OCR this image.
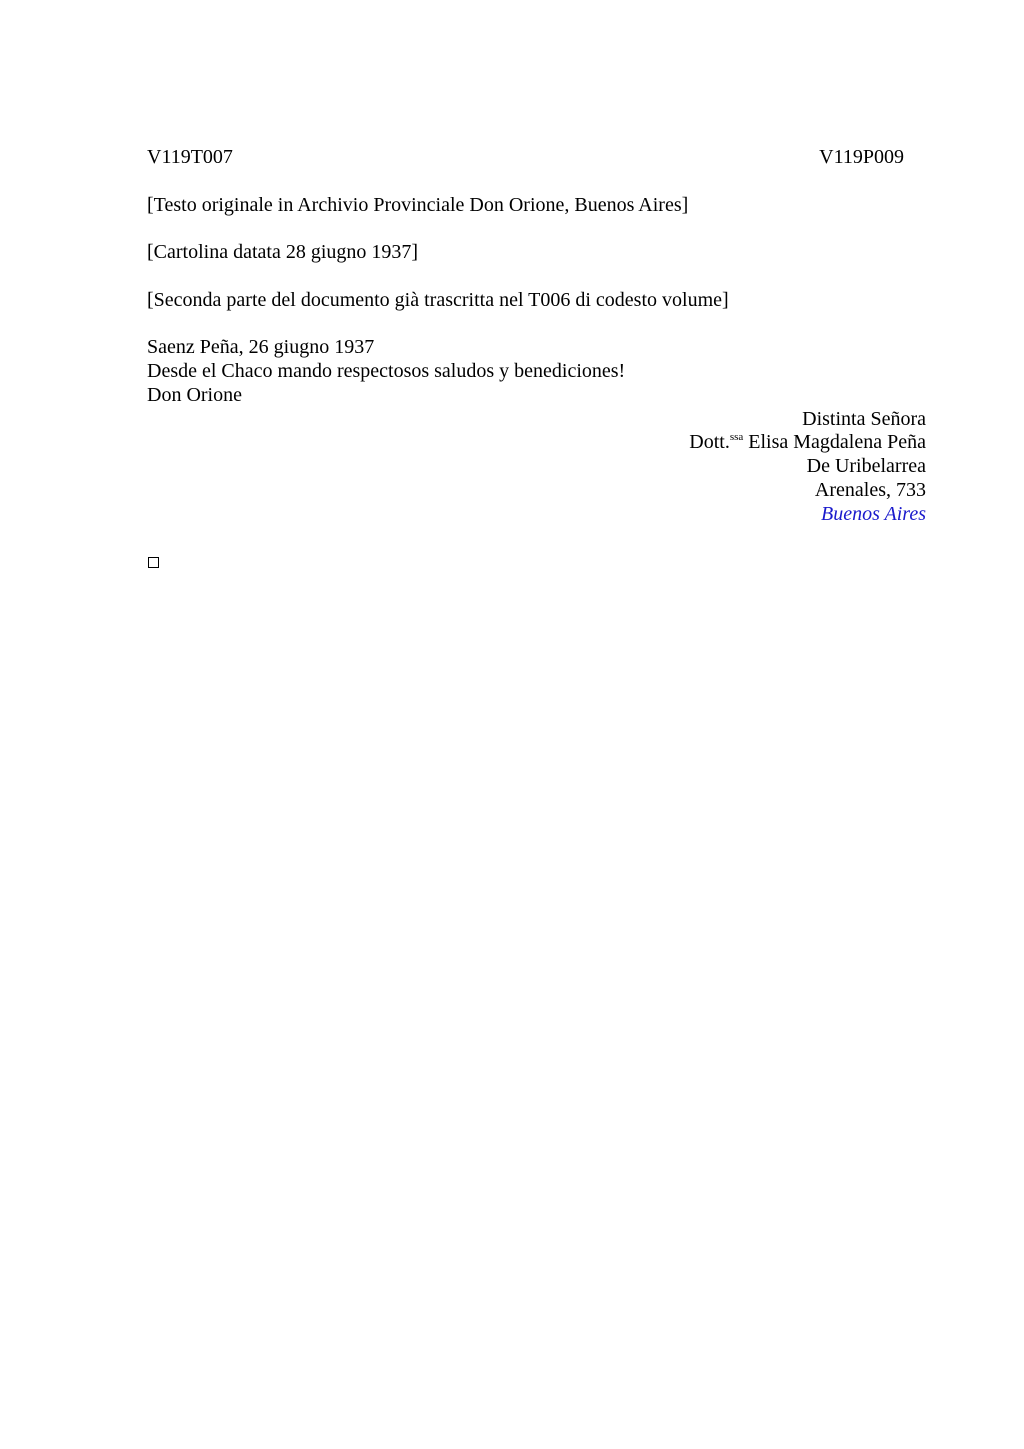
V119T007	V119P009
[Testo originale in Archivio Provinciale Don Orione, Buenos Aires]
[Cartolina datata 28 giugno 1937]
[Seconda parte del documento già trascritta nel T006 di codesto volume]
Saenz Peña, 26 giugno 1937
Desde el Chaco mando respectosos saludos y benediciones!
Don Orione
Distinta Señora
Dott.$^{ssa}$ Elisa Magdalena Peña
De Uribelarrea
Arenales, 733
Buenos Aires
